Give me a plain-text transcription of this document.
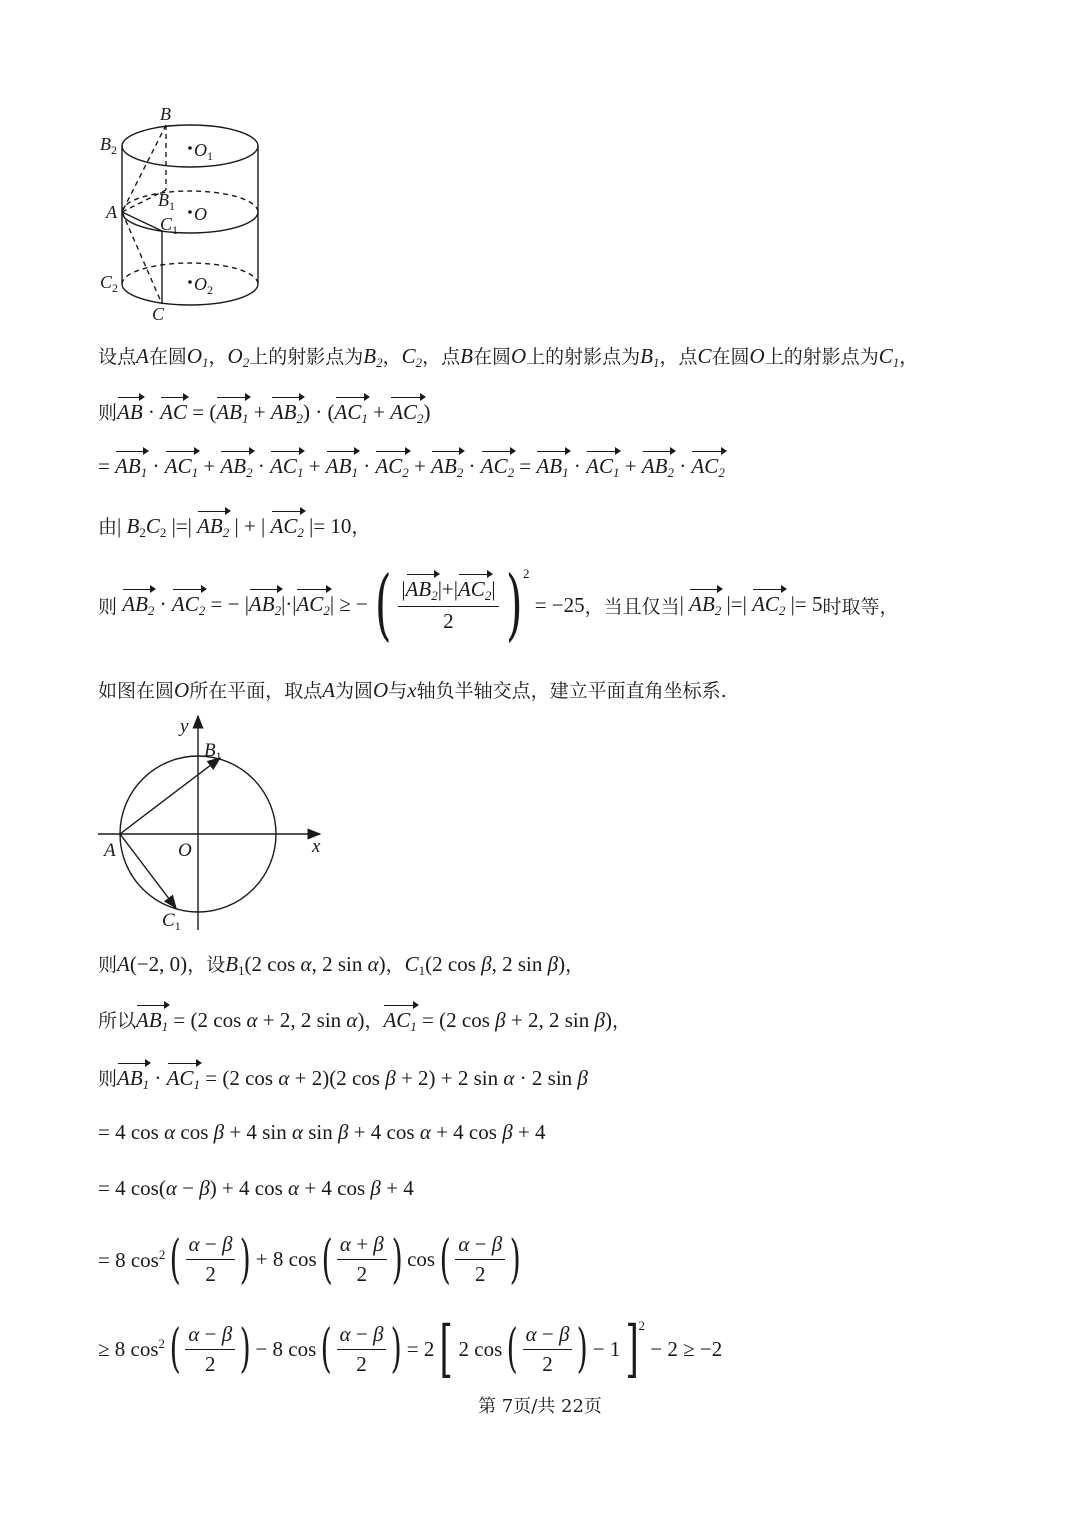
B
$B_2$	$O_1$
A
$B_1$ O
$C_1$
$C_2$	$O_2$
C
设点A在圆$O_1$，$O_2$上的射影点为$B_2$，$C_2$，点B在圆O上的射影点为$B_1$，点C在圆O上的射影点为$C_1$，
则AB · AC = $(AB_1 + AB_2) \cdot (AC_1 + AC_2)$
= $AB_1 \cdot AC_1 + AB_2 \cdot AC_1 + AB_1 \cdot AC_2 + AB_2 \cdot AC_2 = AB_1 \cdot AC_1 + AB_2 \cdot AC_2$
由| $B_2C_2$ |=| $AB_2$ | + | $AC_2$ |= 10，
则 $AB_2 \cdot AC_2$ = − $|AB_2|\cdot|AC_2|$ ≥ − ( $\frac{|AB_2|+|AC_2|}{2}$ ) 2
= −25 ，当且仅当 | $AB_2$ |=| $AC_2$ |= 5 时取等，
如图在圆O所在平面，取点A为圆O与x轴负半轴交点，建立平面直角坐标系.
y
$B_1$
A	O	x
$C_1$
则A(−2, 0)，设$B_1(2$ cos α, 2 sin α)，$C_1(2$ cos β, 2 sin β)，
所以$AB_1 = (2$ cos α + 2, 2 sin α)，$AC_1 = (2$ cos β + 2, 2 sin β)，
则$AB_1 \cdot AC_1 = (2$ cos α + 2)(2 cos β + 2) + 2 sin α · 2 sin β
= 4 cos α cos β + 4 sin α sin β + 4 cos α + 4 cos β + 4
= 4 cos(α − β) + 4 cos α + 4 cos β + 4
= 8 $\cos^2$ ( $\frac{\alpha - \beta}{2}$ ) + 8 cos ( $\frac{\alpha + \beta}{2}$ ) cos ( $\frac{\alpha - \beta}{2}$ )
≥ 8 $\cos^2$ ( $\frac{\alpha - \beta}{2}$ ) − 8 cos ( $\frac{\alpha - \beta}{2}$ ) = 2 [ 2 cos ( $\frac{\alpha - \beta}{2}$ ) − 1 ] 2
− 2 ≥ −2
第 7页/共 22页
